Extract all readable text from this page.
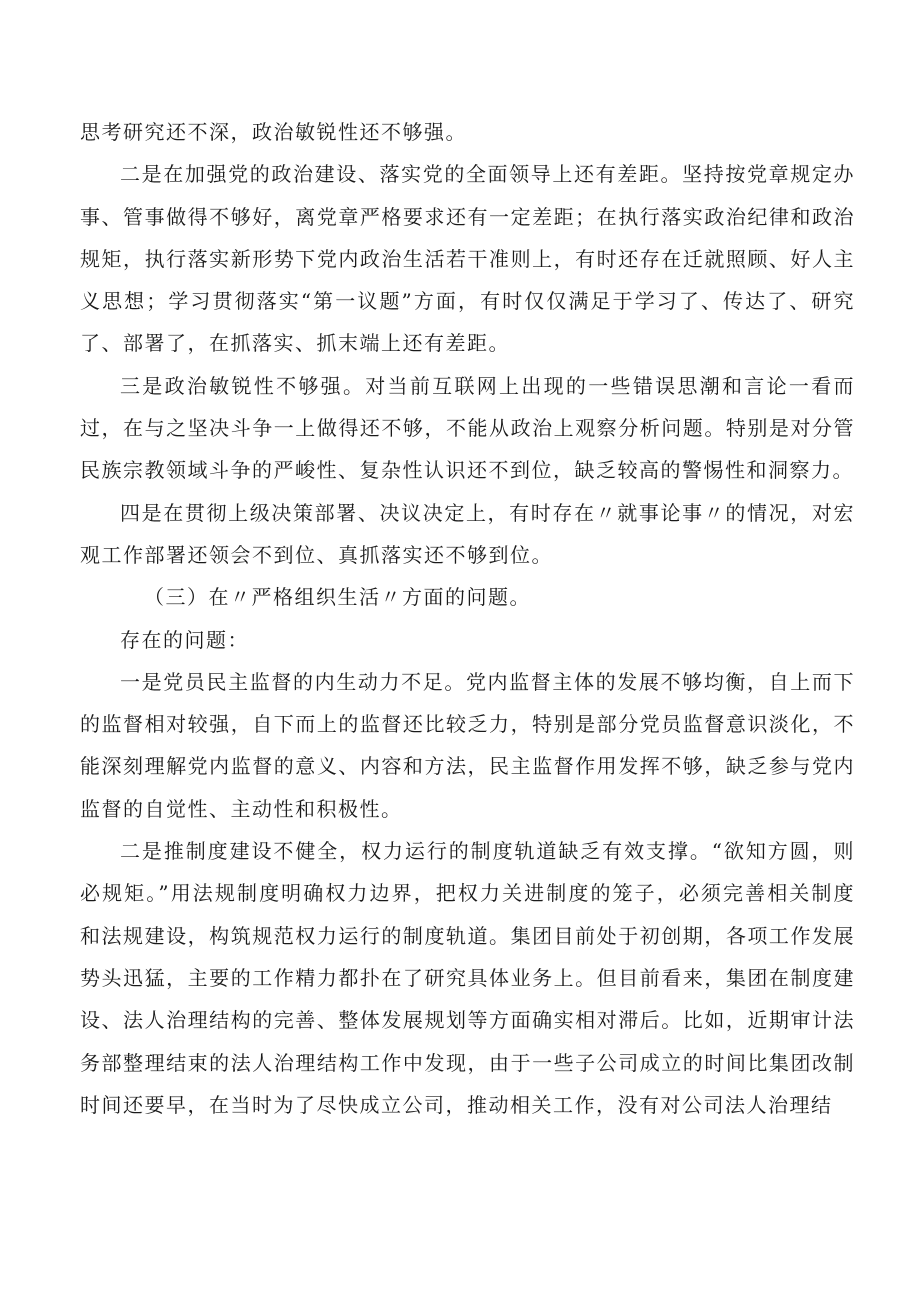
思考研究还不深，政治敏锐性还不够强。

二是在加强党的政治建设、落实党的全面领导上还有差距。坚持按党章规定办事、管事做得不够好，离党章严格要求还有一定差距；在执行落实政治纪律和政治规矩，执行落实新形势下党内政治生活若干准则上，有时还存在迁就照顾、好人主义思想；学习贯彻落实“第一议题”方面，有时仅仅满足于学习了、传达了、研究了、部署了，在抓落实、抓末端上还有差距。

三是政治敏锐性不够强。对当前互联网上出现的一些错误思潮和言论一看而过，在与之坚决斗争一上做得还不够，不能从政治上观察分析问题。特别是对分管民族宗教领域斗争的严峻性、复杂性认识还不到位，缺乏较高的警惕性和洞察力。

四是在贯彻上级决策部署、决议决定上，有时存在〃就事论事〃的情况，对宏观工作部署还领会不到位、真抓落实还不够到位。

（三）在〃严格组织生活〃方面的问题。

存在的问题：

一是党员民主监督的内生动力不足。党内监督主体的发展不够均衡，自上而下的监督相对较强，自下而上的监督还比较乏力，特别是部分党员监督意识淡化，不能深刻理解党内监督的意义、内容和方法，民主监督作用发挥不够，缺乏参与党内监督的自觉性、主动性和积极性。

二是推制度建设不健全，权力运行的制度轨道缺乏有效支撑。“欲知方圆，则必规矩。”用法规制度明确权力边界，把权力关进制度的笼子，必须完善相关制度和法规建设，构筑规范权力运行的制度轨道。集团目前处于初创期，各项工作发展势头迅猛，主要的工作精力都扑在了研究具体业务上。但目前看来，集团在制度建设、法人治理结构的完善、整体发展规划等方面确实相对滞后。比如，近期审计法务部整理结束的法人治理结构工作中发现，由于一些子公司成立的时间比集团改制时间还要早，在当时为了尽快成立公司，推动相关工作，没有对公司法人治理结
